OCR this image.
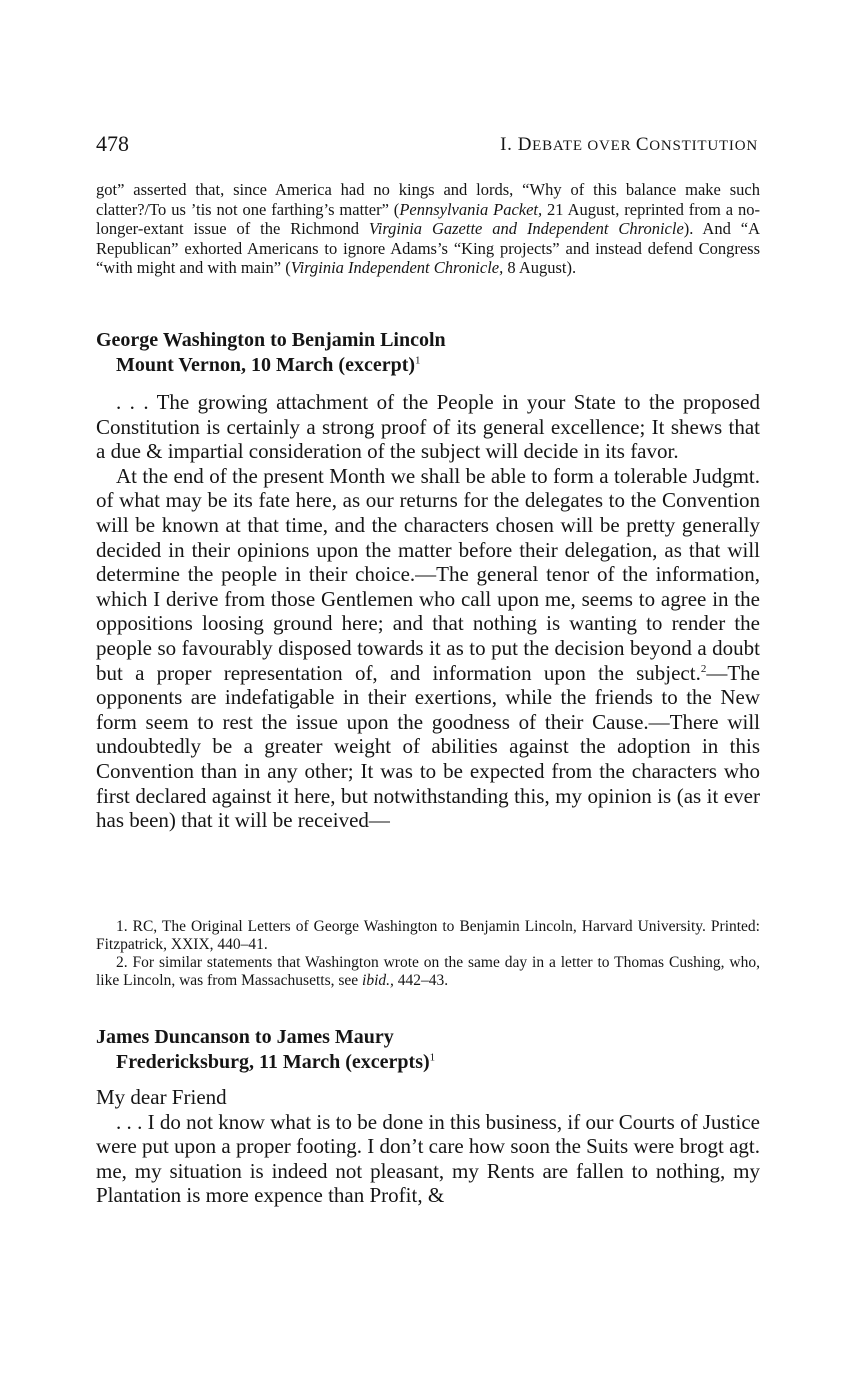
478	I. DEBATE OVER CONSTITUTION
got” asserted that, since America had no kings and lords, “Why of this balance make such clatter?/To us ’tis not one farthing’s matter” (Pennsylvania Packet, 21 August, reprinted from a no-longer-extant issue of the Richmond Virginia Gazette and Independent Chronicle). And “A Republican” exhorted Americans to ignore Adams’s “King projects” and instead defend Congress “with might and with main” (Virginia Independent Chronicle, 8 August).
George Washington to Benjamin Lincoln
Mount Vernon, 10 March (excerpt)$^1$

. . . The growing attachment of the People in your State to the proposed Constitution is certainly a strong proof of its general excellence; It shews that a due & impartial consideration of the subject will decide in its favor.

At the end of the present Month we shall be able to form a tolerable Judgmt. of what may be its fate here, as our returns for the delegates to the Convention will be known at that time, and the characters chosen will be pretty generally decided in their opinions upon the matter before their delegation, as that will determine the people in their choice.—The general tenor of the information, which I derive from those Gentlemen who call upon me, seems to agree in the oppositions loosing ground here; and that nothing is wanting to render the people so favourably disposed towards it as to put the decision beyond a doubt but a proper representation of, and information upon the subject.$^2$—The opponents are indefatigable in their exertions, while the friends to the New form seem to rest the issue upon the goodness of their Cause.—There will undoubtedly be a greater weight of abilities against the adoption in this Convention than in any other; It was to be expected from the characters who first declared against it here, but notwithstanding this, my opinion is (as it ever has been) that it will be received—

1. RC, The Original Letters of George Washington to Benjamin Lincoln, Harvard University. Printed: Fitzpatrick, XXIX, 440–41.

2. For similar statements that Washington wrote on the same day in a letter to Thomas Cushing, who, like Lincoln, was from Massachusetts, see ibid., 442–43.

James Duncanson to James Maury
Fredericksburg, 11 March (excerpts)$^1$

My dear Friend

. . . I do not know what is to be done in this business, if our Courts of Justice were put upon a proper footing. I don’t care how soon the Suits were brogt agt. me, my situation is indeed not pleasant, my Rents are fallen to nothing, my Plantation is more expence than Profit, &
